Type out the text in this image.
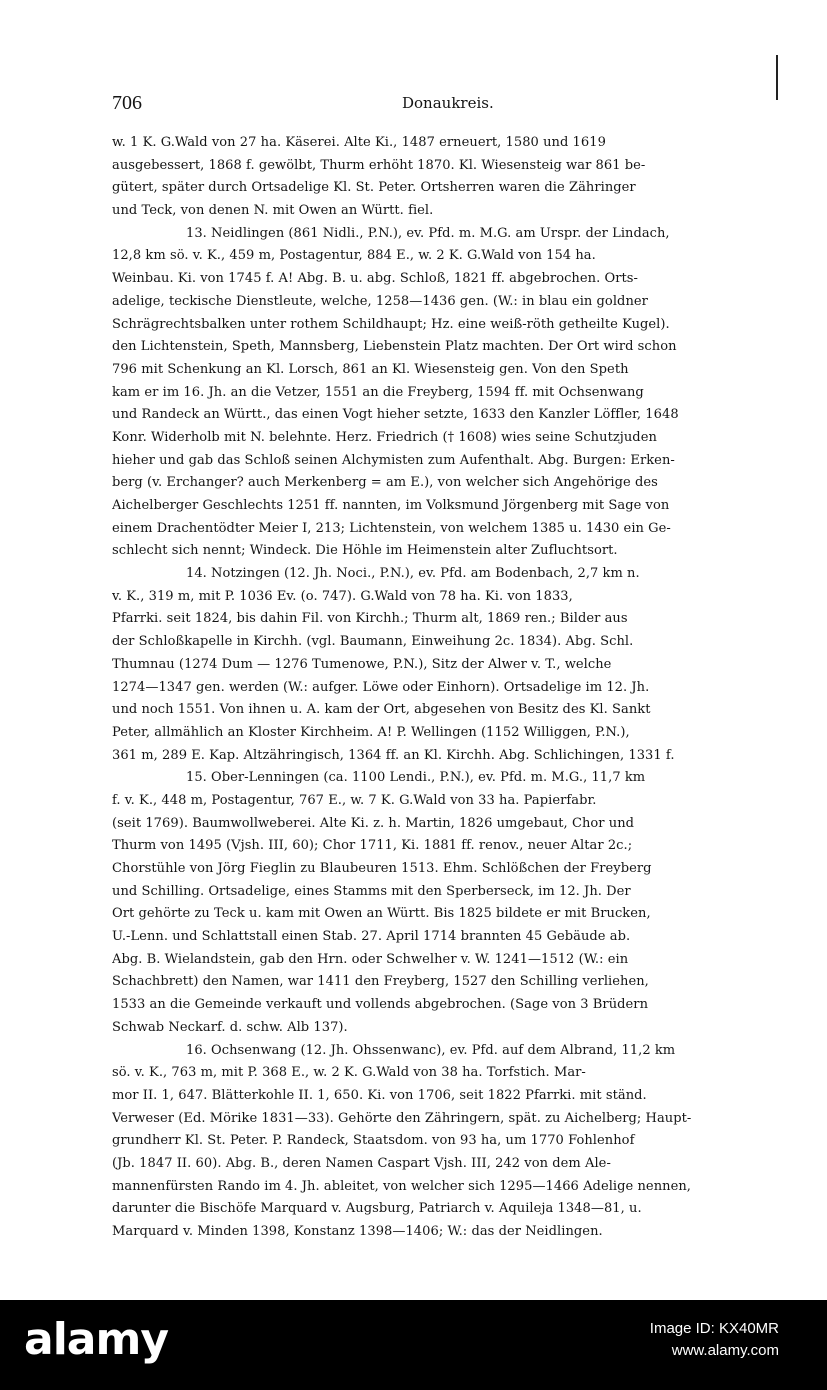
706	Donaukreis.
w. 1 K. G.Wald von 27 ha. Käserei. Alte Ki., 1487 erneuert, 1580 und 1619
ausgebessert, 1868 f. gewölbt, Thurm erhöht 1870. Kl. Wiesensteig war 861 be-
gütert, später durch Ortsadelige Kl. St. Peter. Ortsherren waren die Zähringer
und Teck, von denen N. mit Owen an Württ. fiel.
13. Neidlingen (861 Nidli., P.N.), ev. Pfd. m. M.G. am Urspr. der Lindach,
12,8 km sö. v. K., 459 m, Postagentur, 884 E., w. 2 K. G.Wald von 154 ha.
Weinbau. Ki. von 1745 f. A! Abg. B. u. abg. Schloß, 1821 ff. abgebrochen. Orts-
adelige, teckische Dienstleute, welche, 1258—1436 gen. (W.: in blau ein goldner
Schrägrechtsbalken unter rothem Schildhaupt; Hz. eine weiß-röth getheilte Kugel).
den Lichtenstein, Speth, Mannsberg, Liebenstein Platz machten. Der Ort wird schon
796 mit Schenkung an Kl. Lorsch, 861 an Kl. Wiesensteig gen. Von den Speth
kam er im 16. Jh. an die Vetzer, 1551 an die Freyberg, 1594 ff. mit Ochsenwang
und Randeck an Württ., das einen Vogt hieher setzte, 1633 den Kanzler Löffler, 1648
Konr. Widerholb mit N. belehnte. Herz. Friedrich († 1608) wies seine Schutzjuden
hieher und gab das Schloß seinen Alchymisten zum Aufenthalt. Abg. Burgen: Erken-
berg (v. Erchanger? auch Merkenberg = am E.), von welcher sich Angehörige des
Aichelberger Geschlechts 1251 ff. nannten, im Volksmund Jörgenberg mit Sage von
einem Drachentödter Meier I, 213; Lichtenstein, von welchem 1385 u. 1430 ein Ge-
schlecht sich nennt; Windeck. Die Höhle im Heimenstein alter Zufluchtsort.
14. Notzingen (12. Jh. Noci., P.N.), ev. Pfd. am Bodenbach, 2,7 km n.
v. K., 319 m, mit P. 1036 Ev. (o. 747). G.Wald von 78 ha. Ki. von 1833,
Pfarrki. seit 1824, bis dahin Fil. von Kirchh.; Thurm alt, 1869 ren.; Bilder aus
der Schloßkapelle in Kirchh. (vgl. Baumann, Einweihung 2c. 1834). Abg. Schl.
Thumnau (1274 Dum — 1276 Tumenowe, P.N.), Sitz der Alwer v. T., welche
1274—1347 gen. werden (W.: aufger. Löwe oder Einhorn). Ortsadelige im 12. Jh.
und noch 1551. Von ihnen u. A. kam der Ort, abgesehen von Besitz des Kl. Sankt
Peter, allmählich an Kloster Kirchheim. A! P. Wellingen (1152 Williggen, P.N.),
361 m, 289 E. Kap. Altzähringisch, 1364 ff. an Kl. Kirchh. Abg. Schlichingen, 1331 f.
15. Ober-Lenningen (ca. 1100 Lendi., P.N.), ev. Pfd. m. M.G., 11,7 km
f. v. K., 448 m, Postagentur, 767 E., w. 7 K. G.Wald von 33 ha. Papierfabr.
(seit 1769). Baumwollweberei. Alte Ki. z. h. Martin, 1826 umgebaut, Chor und
Thurm von 1495 (Vjsh. III, 60); Chor 1711, Ki. 1881 ff. renov., neuer Altar 2c.;
Chorstühle von Jörg Fieglin zu Blaubeuren 1513. Ehm. Schlößchen der Freyberg
und Schilling. Ortsadelige, eines Stamms mit den Sperberseck, im 12. Jh. Der
Ort gehörte zu Teck u. kam mit Owen an Württ. Bis 1825 bildete er mit Brucken,
U.-Lenn. und Schlattstall einen Stab. 27. April 1714 brannten 45 Gebäude ab.
Abg. B. Wielandstein, gab den Hrn. oder Schwelher v. W. 1241—1512 (W.: ein
Schachbrett) den Namen, war 1411 den Freyberg, 1527 den Schilling verliehen,
1533 an die Gemeinde verkauft und vollends abgebrochen. (Sage von 3 Brüdern
Schwab Neckarf. d. schw. Alb 137).
16. Ochsenwang (12. Jh. Ohssenwanc), ev. Pfd. auf dem Albrand, 11,2 km
sö. v. K., 763 m, mit P. 368 E., w. 2 K. G.Wald von 38 ha. Torfstich. Mar-
mor II. 1, 647. Blätterkohle II. 1, 650. Ki. von 1706, seit 1822 Pfarrki. mit ständ.
Verweser (Ed. Mörike 1831—33). Gehörte den Zähringern, spät. zu Aichelberg; Haupt-
grundherr Kl. St. Peter. P. Randeck, Staatsdom. von 93 ha, um 1770 Fohlenhof
(Jb. 1847 II. 60). Abg. B., deren Namen Caspart Vjsh. III, 242 von dem Ale-
mannenfürsten Rando im 4. Jh. ableitet, von welcher sich 1295—1466 Adelige nennen,
darunter die Bischöfe Marquard v. Augsburg, Patriarch v. Aquileja 1348—81, u.
Marquard v. Minden 1398, Konstanz 1398—1406; W.: das der Neidlingen.
alamy	Image ID: KX40MR
www.alamy.com
